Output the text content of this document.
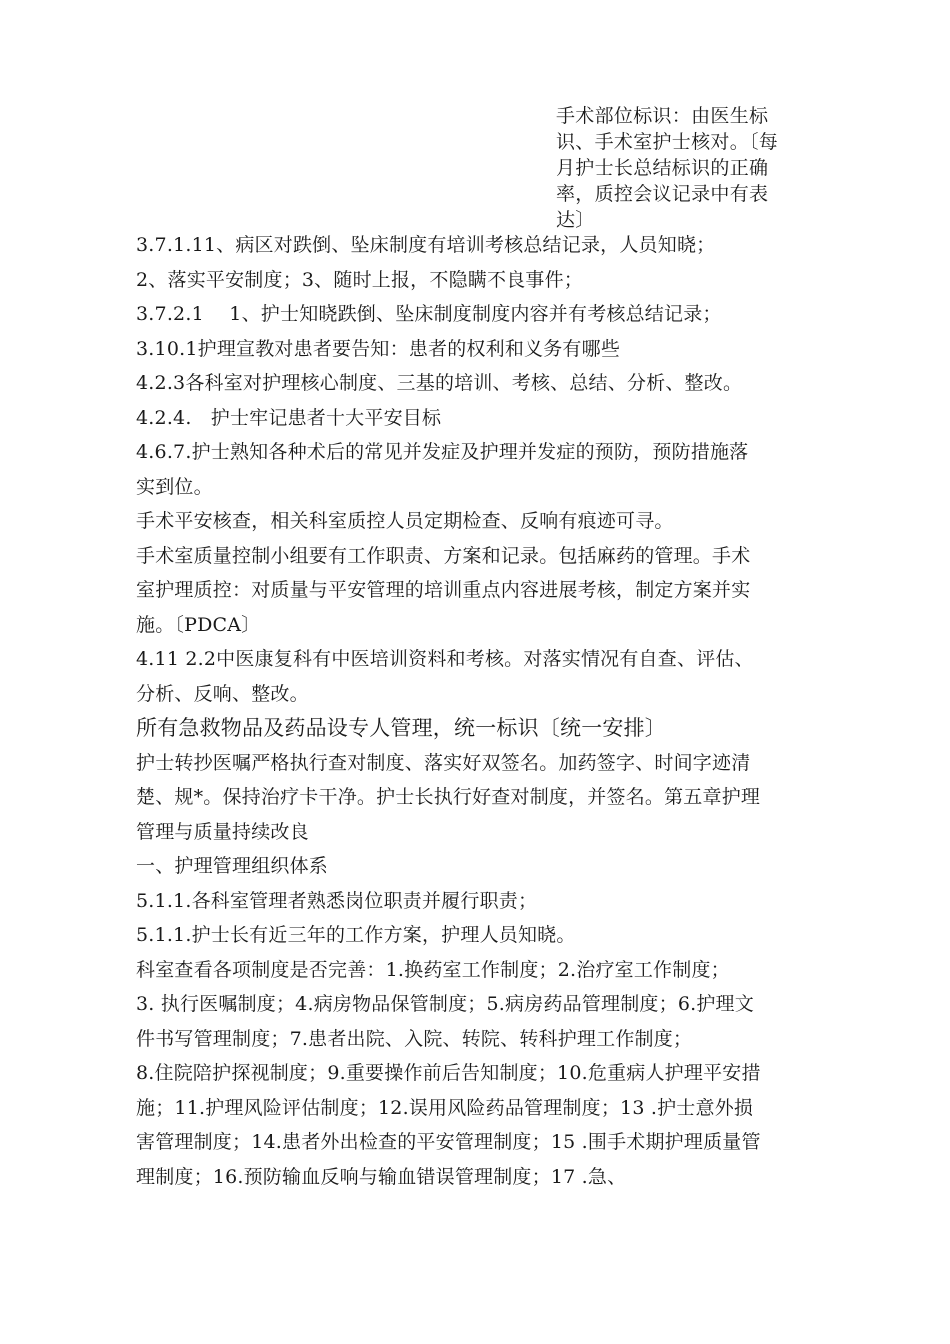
手术部位标识：由医生标
识、手术室护士核对。〔每
月护士长总结标识的正确
率，质控会议记录中有表
达〕
3.7.1.11、病区对跌倒、坠床制度有培训考核总结记录，人员知晓；
2、落实平安制度；3、随时上报，不隐瞒不良事件；
3.7.2.1　 1、护士知晓跌倒、坠床制度制度内容并有考核总结记录；
3.10.1护理宣教对患者要告知：患者的权利和义务有哪些
4.2.3各科室对护理核心制度、三基的培训、考核、总结、分析、整改。
4.2.4.　护士牢记患者十大平安目标
4.6.7.护士熟知各种术后的常见并发症及护理并发症的预防，预防措施落
实到位。
手术平安核查，相关科室质控人员定期检查、反响有痕迹可寻。
手术室质量控制小组要有工作职责、方案和记录。包括麻药的管理。手术
室护理质控：对质量与平安管理的培训重点内容进展考核，制定方案并实
施。〔PDCA〕
4.11 2.2中医康复科有中医培训资料和考核。对落实情况有自查、评估、
分析、反响、整改。
所有急救物品及药品设专人管理，统一标识〔统一安排〕
护士转抄医嘱严格执行查对制度、落实好双签名。加药签字、时间字迹清
楚、规*。保持治疗卡干净。护士长执行好查对制度，并签名。第五章护理
管理与质量持续改良
一、护理管理组织体系
5.1.1.各科室管理者熟悉岗位职责并履行职责；
5.1.1.护士长有近三年的工作方案，护理人员知晓。
科室查看各项制度是否完善：1.换药室工作制度；2.治疗室工作制度；
3. 执行医嘱制度；4.病房物品保管制度；5.病房药品管理制度；6.护理文
件书写管理制度；7.患者出院、入院、转院、转科护理工作制度；
8.住院陪护探视制度；9.重要操作前后告知制度；10.危重病人护理平安措
施；11.护理风险评估制度；12.误用风险药品管理制度；13 .护士意外损
害管理制度；14.患者外出检查的平安管理制度；15 .围手术期护理质量管
理制度；16.预防输血反响与输血错误管理制度；17 .急、
